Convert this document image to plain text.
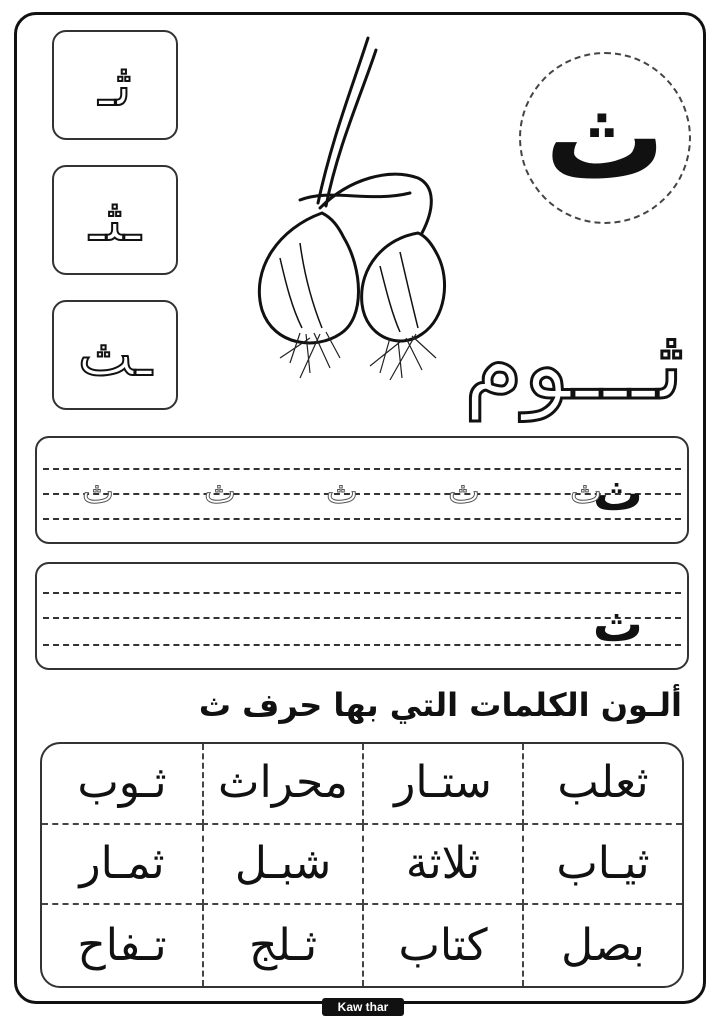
ثـ
ـثـ
ـث
ث
ثـــوم
ث
ث
ث
ث
ث
ث
ث
ألـون الكلمات التي بها حرف ث
ثعلب
ستـار
محراث
ثـوب
ثيـاب
ثلاثة
شبـل
ثمـار
بصل
كتاب
ثـلج
تـفاح
Kaw thar
